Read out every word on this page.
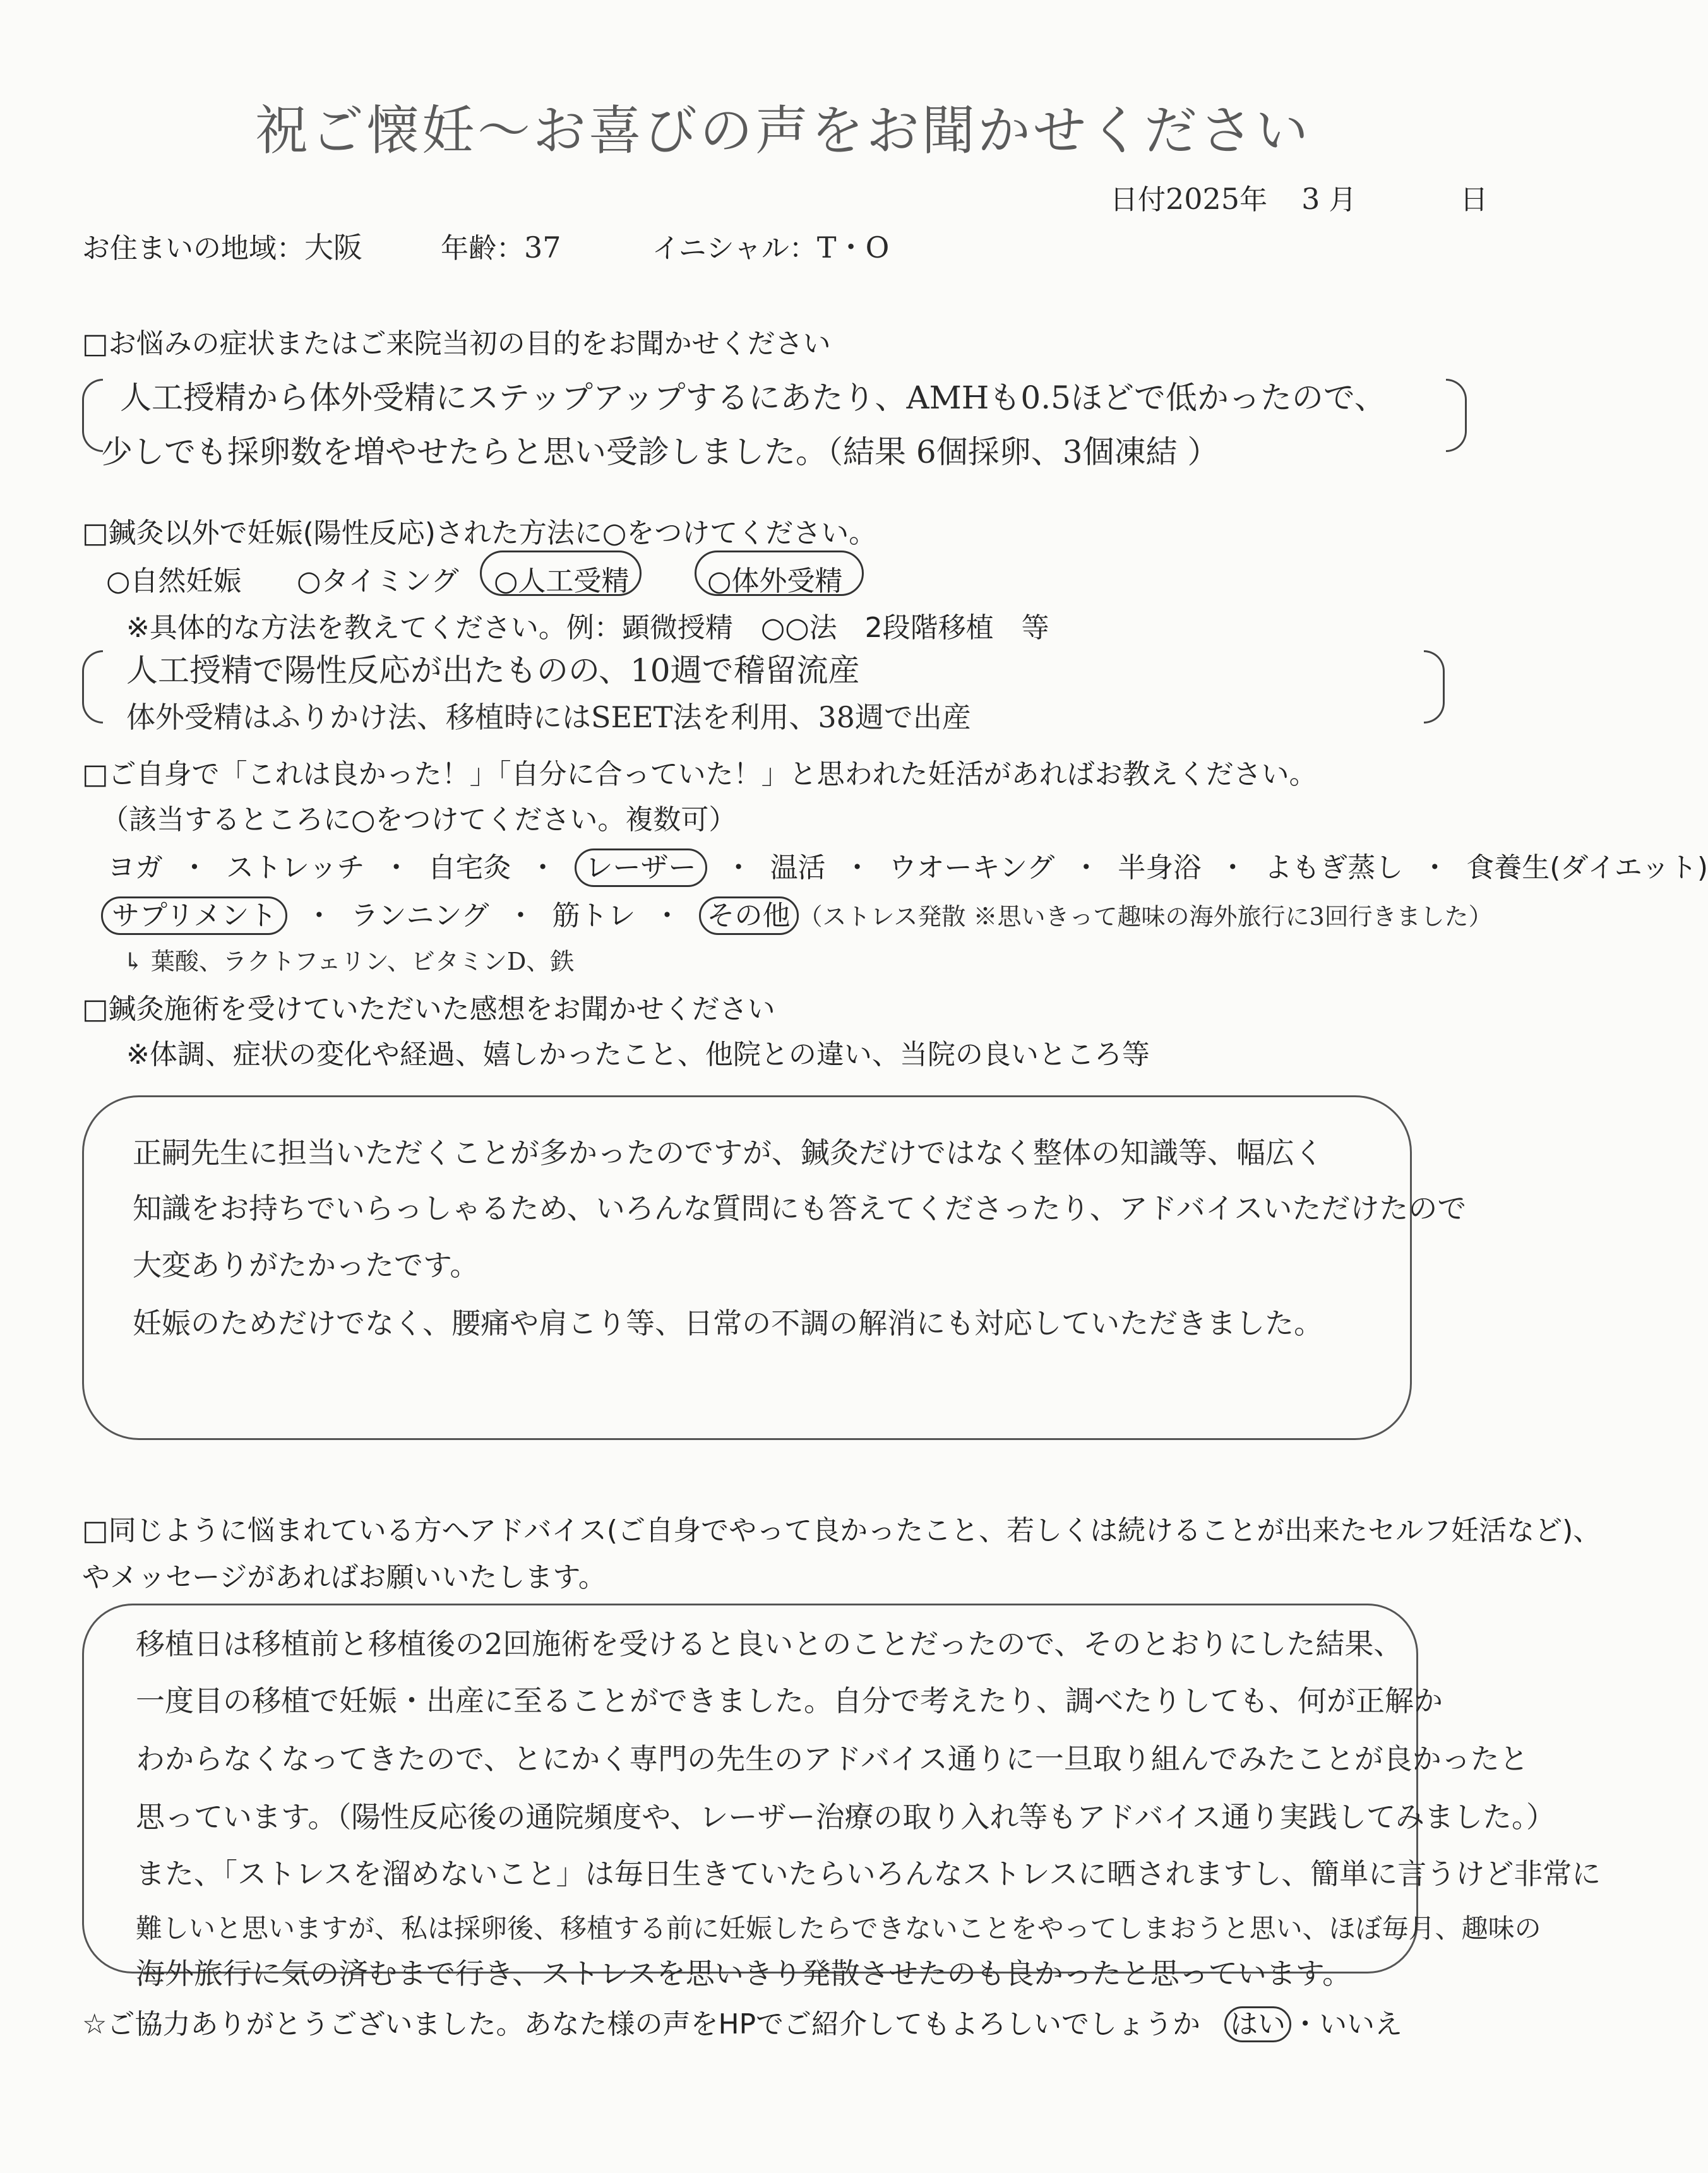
祝ご懐妊〜お喜びの声をお聞かせください
日付2025年 3 月	日
お住まいの地域：大阪	年齢：37	イニシャル：T・O
□お悩みの症状またはご来院当初の目的をお聞かせください
人工授精から体外受精にステップアップするにあたり、AMHも0.5ほどで低かったので、
少しでも採卵数を増やせたらと思い受診しました。（結果 6個採卵、3個凍結 ）
□鍼灸以外で妊娠(陽性反応)された方法に○をつけてください。
○自然妊娠 ○タイミング ○人工受精	○体外受精
※具体的な方法を教えてください。例：顕微授精　○○法　2段階移植　等
人工授精で陽性反応が出たものの、10週で稽留流産
体外受精はふりかけ法、移植時にはSEET法を利用、38週で出産
□ご自身で「これは良かった！」「自分に合っていた！」と思われた妊活があればお教えください。
（該当するところに○をつけてください。複数可）
ヨガ ・ ストレッチ ・ 自宅灸 ・ レーザー ・ 温活 ・ ウオーキング ・ 半身浴 ・ よもぎ蒸し ・ 食養生(ダイエット)
サプリメント ・ ランニング ・ 筋トレ ・ その他 （ストレス発散 ※思いきって趣味の海外旅行に3回行きました）
↳ 葉酸、ラクトフェリン、ビタミンD、鉄
□鍼灸施術を受けていただいた感想をお聞かせください
※体調、症状の変化や経過、嬉しかったこと、他院との違い、当院の良いところ等
正嗣先生に担当いただくことが多かったのですが、鍼灸だけではなく整体の知識等、幅広く
知識をお持ちでいらっしゃるため、いろんな質問にも答えてくださったり、アドバイスいただけたので
大変ありがたかったです。
妊娠のためだけでなく、腰痛や肩こり等、日常の不調の解消にも対応していただきました。
□同じように悩まれている方へアドバイス(ご自身でやって良かったこと、若しくは続けることが出来たセルフ妊活など)、
やメッセージがあればお願いいたします。
移植日は移植前と移植後の2回施術を受けると良いとのことだったので、そのとおりにした結果、
一度目の移植で妊娠・出産に至ることができました。自分で考えたり、調べたりしても、何が正解か
わからなくなってきたので、とにかく専門の先生のアドバイス通りに一旦取り組んでみたことが良かったと
思っています。（陽性反応後の通院頻度や、レーザー治療の取り入れ等もアドバイス通り実践してみました。）
また、「ストレスを溜めないこと」は毎日生きていたらいろんなストレスに晒されますし、簡単に言うけど非常に
難しいと思いますが、私は採卵後、移植する前に妊娠したらできないことをやってしまおうと思い、ほぼ毎月、趣味の
海外旅行に気の済むまで行き、ストレスを思いきり発散させたのも良かったと思っています。
☆ご協力ありがとうございました。あなた様の声をHPでご紹介してもよろしいでしょうか はい ・いいえ
